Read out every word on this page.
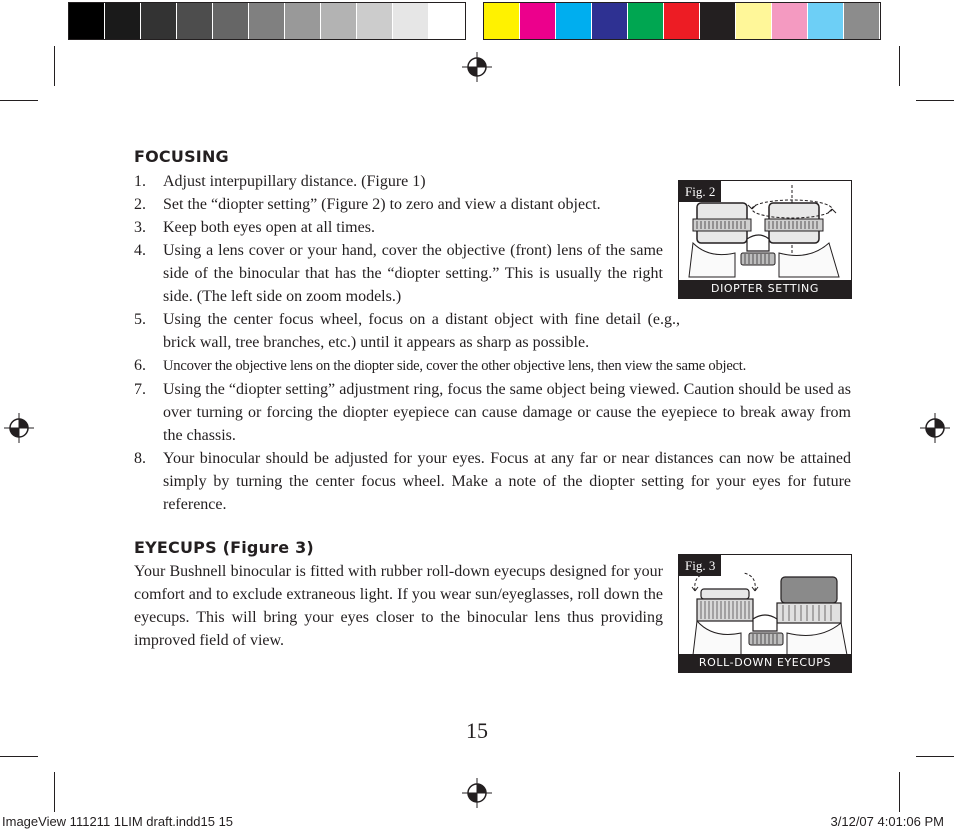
FOCUSING
1. Adjust interpupillary distance. (Figure 1)
2. Set the “diopter setting” (Figure 2) to zero and view a distant object.
3. Keep both eyes open at all times.
4. Using a lens cover or your hand, cover the objective (front) lens of the same side of the binocular that has the “diopter setting.” This is usually the right side. (The left side on zoom models.)
5. Using the center focus wheel, focus on a distant object with fine detail (e.g., brick wall, tree branches, etc.) until it appears as sharp as possible.
6. Uncover the objective lens on the diopter side, cover the other objective lens, then view the same object.
7. Using the “diopter setting” adjustment ring, focus the same object being viewed. Caution should be used as over turning or forcing the diopter eyepiece can cause damage or cause the eyepiece to break away from the chassis.
8. Your binocular should be adjusted for your eyes. Focus at any far or near distances can now be attained simply by turning the center focus wheel. Make a note of the diopter setting for your eyes for future reference.
Fig. 2
DIOPTER SETTING
EYECUPS (Figure 3)

Your Bushnell binocular is fitted with rubber roll-down eyecups designed for your comfort and to exclude extraneous light. If you wear sun/eyeglasses, roll down the eyecups. This will bring your eyes closer to the binocular lens thus providing improved field of view.

Fig. 3
ROLL-DOWN EYECUPS
15
ImageView 111211 1LIM draft.indd15 15	3/12/07 4:01:06 PM
